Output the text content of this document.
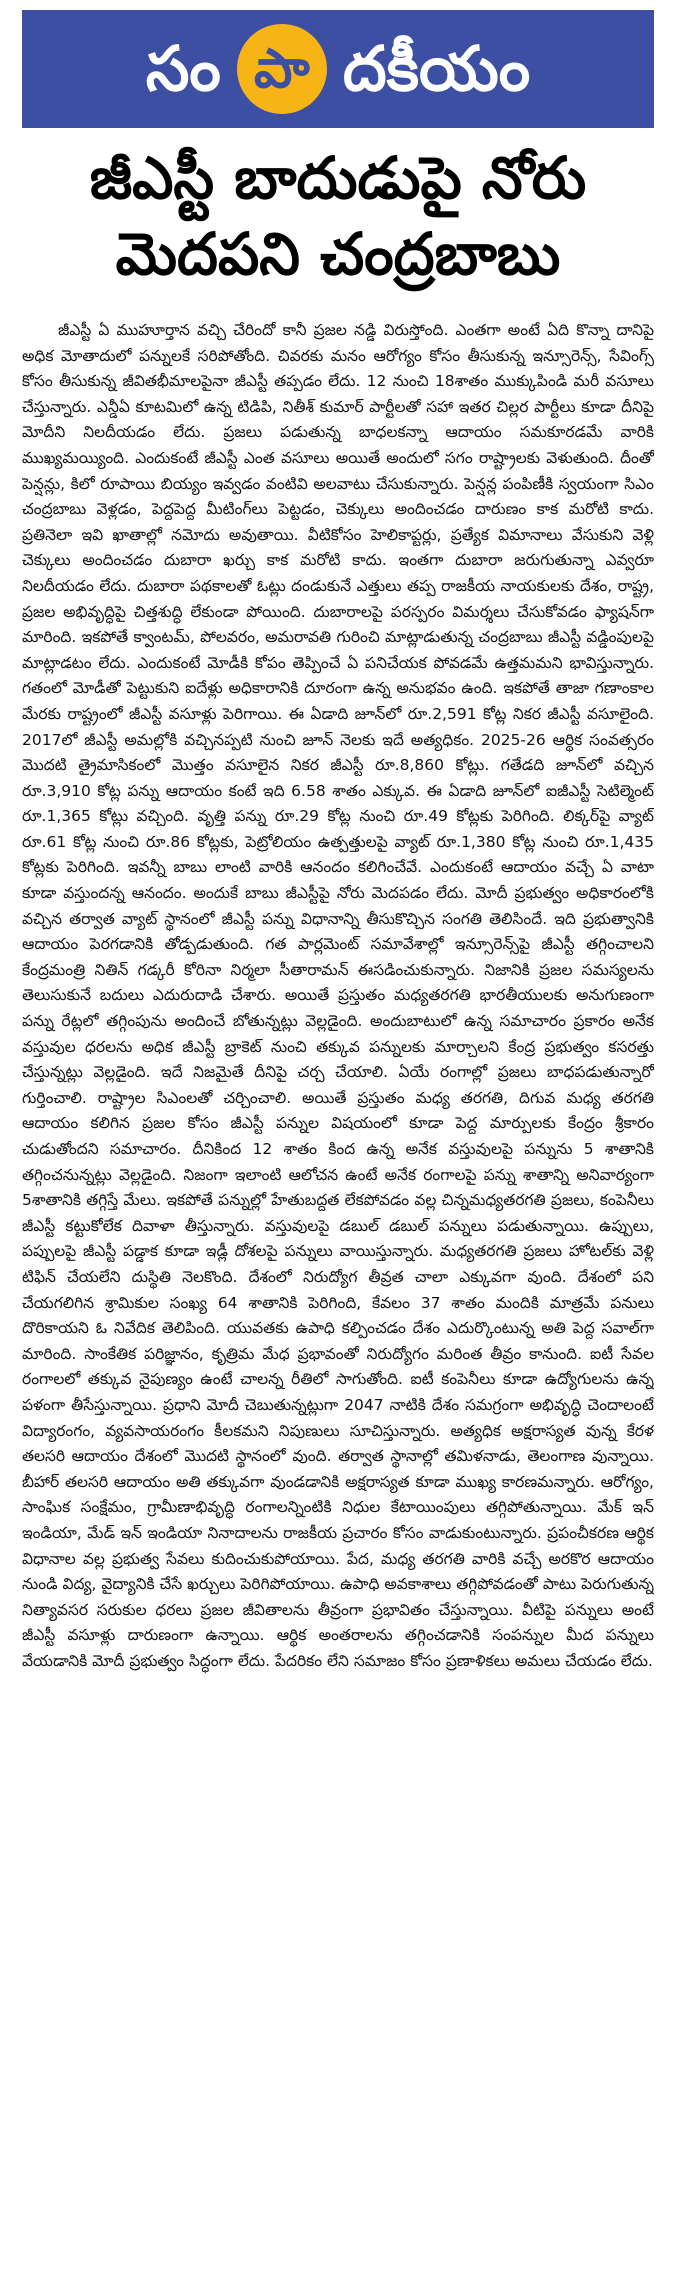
సం పా దకీయం
జీఎస్టీ బాదుడుపై నోరు
మెదపని చంద్రబాబు

జీఎస్టీ ఏ ముహూర్తాన వచ్చి చేరిందో కానీ ప్రజల నడ్డి విరుస్తోంది. ఎంతగా అంటే ఏది కొన్నా దానిపై అధిక మోతాదులో పన్నులకే సరిపోతోంది. చివరకు మనం ఆరోగ్యం కోసం తీసుకున్న ఇన్సూరెన్స్, సేవింగ్స్ కోసం తీసుకున్న జీవితభీమాలపైనా జీఎస్టీ తప్పడం లేదు. 12 నుంచి 18శాతం ముక్కుపిండి మరీ వసూలు చేస్తున్నారు. ఎన్డీఏ కూటమిలో ఉన్న టిడిపి, నితీశ్ కుమార్ పార్టీలతో సహా ఇతర చిల్లర పార్టీలు కూడా దీనిపై మోదీని నిలదీయడం లేదు. ప్రజలు పడుతున్న బాధలకన్నా ఆదాయం సమకూరడమే వారికి ముఖ్యమయ్యింది. ఎందుకంటే జీఎస్టీ ఎంత వసూలు అయితే అందులో సగం రాష్ట్రాలకు వెళుతుంది. దీంతో పెన్షన్లు, కిలో రూపాయి బియ్యం ఇవ్వడం వంటివి అలవాటు చేసుకున్నారు. పెన్షన్ల పంపిణీకి స్వయంగా సిఎం చంద్రబాబు వెళ్లడం, పెద్దపెద్ద మీటింగ్‌లు పెట్టడం, చెక్కులు అందించడం దారుణం కాక మరోటి కాదు. ప్రతినెలా ఇవి ఖాతాల్లో నమోదు అవుతాయి. వీటికోసం హెలికాప్టర్లు, ప్రత్యేక విమానాలు వేసుకుని వెళ్లి చెక్కులు అందించడం దుబారా ఖర్చు కాక మరోటి కాదు. ఇంతగా దుబారా జరుగుతున్నా ఎవ్వరూ నిలదీయడం లేదు. దుబారా పథకాలతో ఓట్లు దండుకునే ఎత్తులు తప్ప రాజకీయ నాయకులకు దేశం, రాష్ట్ర, ప్రజల అభివృద్ధిపై చిత్తశుద్ధి లేకుండా పోయింది. దుబారాలపై పరస్పరం విమర్శలు చేసుకోవడం ఫ్యాషన్‌గా మారింది. ఇకపోతే క్వాంటమ్, పోలవరం, అమరావతి గురించి మాట్లాడుతున్న చంద్రబాబు జీఎస్టీ వడ్డింపులపై మాట్లాడటం లేదు. ఎందుకంటే మోడీకి కోపం తెప్పించే ఏ పనిచేయక పోవడమే ఉత్తమమని భావిస్తున్నారు. గతంలో మోడీతో పెట్టుకుని ఐదేళ్లు అధికారానికి దూరంగా ఉన్న అనుభవం ఉంది. ఇకపోతే తాజా గణాంకాల మేరకు రాష్ట్రంలో జీఎస్టీ వసూళ్లు పెరిగాయి. ఈ ఏడాది జూన్‌లో రూ.2,591 కోట్ల నికర జీఎస్టీ వసూలైంది. 2017లో జీఎస్టీ అమల్లోకి వచ్చినప్పటి నుంచి జూన్ నెలకు ఇదే అత్యధికం. 2025-26 ఆర్థిక సంవత్సరం మొదటి త్రైమాసికంలో మొత్తం వసూలైన నికర జీఎస్టీ రూ.8,860 కోట్లు. గతేడది జూన్‌లో వచ్చిన రూ.3,910 కోట్ల పన్ను ఆదాయం కంటే ఇది 6.58 శాతం ఎక్కువ. ఈ ఏడాది జూన్‌లో ఐజీఎస్టీ సెటిల్మెంట్ రూ.1,365 కోట్లు వచ్చింది. వృత్తి పన్ను రూ.29 కోట్ల నుంచి రూ.49 కోట్లకు పెరిగింది. లిక్కర్‌పై వ్యాట్ రూ.61 కోట్ల నుంచి రూ.86 కోట్లకు, పెట్రోలియం ఉత్పత్తులపై వ్యాట్ రూ.1,380 కోట్ల నుంచి రూ.1,435 కోట్లకు పెరిగింది. ఇవన్నీ బాబు లాంటి వారికి ఆనందం కలిగించేవే. ఎందుకంటే ఆదాయం వచ్చే ఏ వాటా కూడా వస్తుందన్న ఆనందం. అందుకే బాబు జీఎస్టీపై నోరు మెదపడం లేదు. మోదీ ప్రభుత్వం అధికారంలోకి వచ్చిన తర్వాత వ్యాట్ స్థానంలో జీఎస్టీ పన్ను విధానాన్ని తీసుకొచ్చిన సంగతి తెలిసిందే. ఇది ప్రభుత్వానికి ఆదాయం పెరగడానికి తోడ్పడుతుంది. గత పార్లమెంట్ సమావేశాల్లో ఇన్సూరెన్స్‌పై జీఎస్టీ తగ్గించాలని కేంద్రమంత్రి నితిన్ గడ్కరీ కోరినా నిర్మలా సీతారామన్ ఈసడించుకున్నారు. నిజానికి ప్రజల సమస్యలను తెలుసుకునే బదులు ఎదురుదాడి చేశారు. అయితే ప్రస్తుతం మధ్యతరగతి భారతీయులకు అనుగుణంగా పన్ను రేట్లలో తగ్గింపును అందించే బోతున్నట్లు వెల్లడైంది. అందుబాటులో ఉన్న సమాచారం ప్రకారం అనేక వస్తువుల ధరలను అధిక జీఎస్టీ బ్రాకెట్ నుంచి తక్కువ పన్నులకు మార్చాలని కేంద్ర ప్రభుత్వం కసరత్తు చేస్తున్నట్లు వెల్లడైంది. ఇదే నిజమైతే దీనిపై చర్చ చేయాలి. ఏయే రంగాల్లో ప్రజలు బాధపడుతున్నారో గుర్తించాలి. రాష్ట్రాల సిఎంలతో చర్చించాలి. అయితే ప్రస్తుతం మధ్య తరగతి, దిగువ మధ్య తరగతి ఆదాయం కలిగిన ప్రజల కోసం జీఎస్టీ పన్నుల విషయంలో కూడా పెద్ద మార్పులకు కేంద్రం శ్రీకారం చుడుతోందని సమాచారం. దీనికింద 12 శాతం కింద ఉన్న అనేక వస్తువులపై పన్నును 5 శాతానికి తగ్గించనున్నట్లు వెల్లడైంది. నిజంగా ఇలాంటి ఆలోచన ఉంటే అనేక రంగాలపై పన్ను శాతాన్ని అనివార్యంగా 5శాతానికి తగ్గిస్తే మేలు. ఇకపోతే పన్నుల్లో హేతుబద్దత లేకపోవడం వల్ల చిన్నమధ్యతరగతి ప్రజలు, కంపెనీలు జీఎస్టీ కట్టుకోలేక దివాళా తీస్తున్నారు. వస్తువులపై డబుల్ డబుల్ పన్నులు పడుతున్నాయి. ఉప్పులు, పప్పులపై జీఎస్టీ పడ్డాక కూడా ఇడ్లీ దోశలపై పన్నులు వాయిస్తున్నారు. మధ్యతరగతి ప్రజలు హోటల్‌కు వెళ్లి టిఫిన్ చేయలేని దుస్థితి నెలకొంది. దేశంలో నిరుద్యోగ తీవ్రత చాలా ఎక్కువగా వుంది. దేశంలో పని చేయగలిగిన శ్రామికుల సంఖ్య 64 శాతానికి పెరిగింది, కేవలం 37 శాతం మందికి మాత్రమే పనులు దొరికాయని ఓ నివేదిక తెలిపింది. యువతకు ఉపాధి కల్పించడం దేశం ఎదుర్కొంటున్న అతి పెద్ద సవాల్‌గా మారింది. సాంకేతిక పరిజ్ఞానం, కృత్రిమ మేధ ప్రభావంతో నిరుద్యోగం మరింత తీవ్రం కానుంది. ఐటీ సేవల రంగాలలో తక్కువ నైపుణ్యం ఉంటే చాలన్న రీతిలో సాగుతోంది. ఐటీ కంపెనీలు కూడా ఉద్యోగులను ఉన్న పళంగా తీసేస్తున్నాయి. ప్రధాని మోదీ చెబుతున్నట్లుగా 2047 నాటికి దేశం సమగ్రంగా అభివృద్ధి చెందాలంటే విద్యారంగం, వ్యవసాయరంగం కీలకమని నిపుణులు సూచిస్తున్నారు. అత్యధిక అక్షరాస్యత వున్న కేరళ తలసరి ఆదాయం దేశంలో మొదటి స్థానంలో వుంది. తర్వాత స్థానాల్లో తమిళనాడు, తెలంగాణ వున్నాయి. బీహార్ తలసరి ఆదాయం అతి తక్కువగా వుండడానికి అక్షరాస్యత కూడా ముఖ్య కారణమన్నారు. ఆరోగ్యం, సాంఘిక సంక్షేమం, గ్రామీణాభివృద్ధి రంగాలన్నింటికి నిధుల కేటాయింపులు తగ్గిపోతున్నాయి. మేక్ ఇన్ ఇండియా, మేడ్ ఇన్ ఇండియా నినాదాలను రాజకీయ ప్రచారం కోసం వాడుకుంటున్నారు. ప్రపంచీకరణ ఆర్థిక విధానాల వల్ల ప్రభుత్వ సేవలు కుదించుకుపోయాయి. పేద, మధ్య తరగతి వారికి వచ్చే అరకొర ఆదాయం నుండి విద్య, వైద్యానికి చేసే ఖర్చులు పెరిగిపోయాయి. ఉపాధి అవకాశాలు తగ్గిపోవడంతో పాటు పెరుగుతున్న నిత్యావసర సరుకుల ధరలు ప్రజల జీవితాలను తీవ్రంగా ప్రభావితం చేస్తున్నాయి. వీటిపై పన్నులు అంటే జీఎస్టీ వసూళ్లు దారుణంగా ఉన్నాయి. ఆర్థిక అంతరాలను తగ్గించడానికి సంపన్నుల మీద పన్నులు వేయడానికి మోదీ ప్రభుత్వం సిద్ధంగా లేదు. పేదరికం లేని సమాజం కోసం ప్రణాళికలు అమలు చేయడం లేదు.
